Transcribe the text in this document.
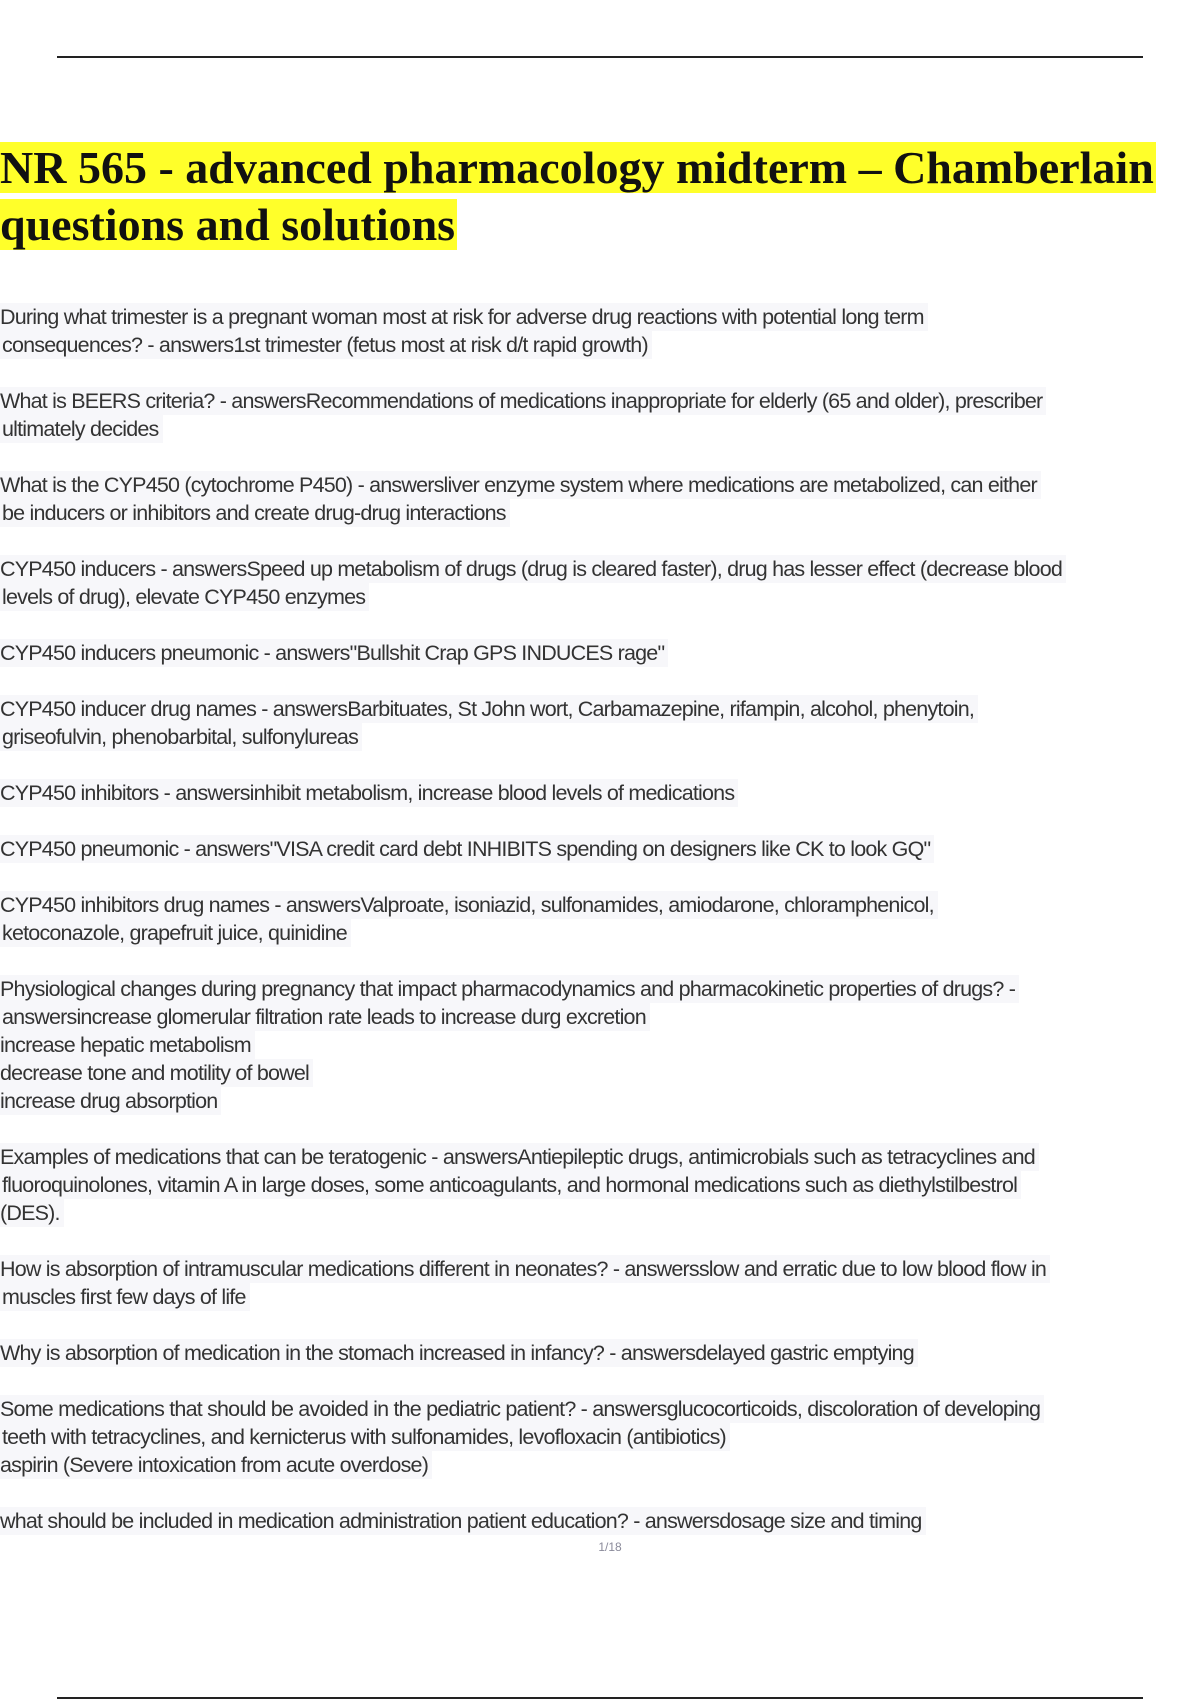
NR 565 - advanced pharmacology midterm – Chamberlain
questions and solutions

During what trimester is a pregnant woman most at risk for adverse drug reactions with potential long term
consequences? - answers1st trimester (fetus most at risk d/t rapid growth)

What is BEERS criteria? - answersRecommendations of medications inappropriate for elderly (65 and older), prescriber
ultimately decides

What is the CYP450 (cytochrome P450) - answersliver enzyme system where medications are metabolized, can either
be inducers or inhibitors and create drug-drug interactions

CYP450 inducers - answersSpeed up metabolism of drugs (drug is cleared faster), drug has lesser effect (decrease blood
levels of drug), elevate CYP450 enzymes

CYP450 inducers pneumonic - answers"Bullshit Crap GPS INDUCES rage"

CYP450 inducer drug names - answersBarbituates, St John wort, Carbamazepine, rifampin, alcohol, phenytoin,
griseofulvin, phenobarbital, sulfonylureas

CYP450 inhibitors - answersinhibit metabolism, increase blood levels of medications

CYP450 pneumonic - answers"VISA credit card debt INHIBITS spending on designers like CK to look GQ"

CYP450 inhibitors drug names - answersValproate, isoniazid, sulfonamides, amiodarone, chloramphenicol,
ketoconazole, grapefruit juice, quinidine

Physiological changes during pregnancy that impact pharmacodynamics and pharmacokinetic properties of drugs? -
answersincrease glomerular filtration rate leads to increase durg excretion
increase hepatic metabolism
decrease tone and motility of bowel
increase drug absorption

Examples of medications that can be teratogenic - answersAntiepileptic drugs, antimicrobials such as tetracyclines and
fluoroquinolones, vitamin A in large doses, some anticoagulants, and hormonal medications such as diethylstilbestrol
(DES).

How is absorption of intramuscular medications different in neonates? - answersslow and erratic due to low blood flow in
muscles first few days of life

Why is absorption of medication in the stomach increased in infancy? - answersdelayed gastric emptying

Some medications that should be avoided in the pediatric patient? - answersglucocorticoids, discoloration of developing
teeth with tetracyclines, and kernicterus with sulfonamides, levofloxacin (antibiotics)
aspirin (Severe intoxication from acute overdose)

what should be included in medication administration patient education? - answersdosage size and timing

1/18
